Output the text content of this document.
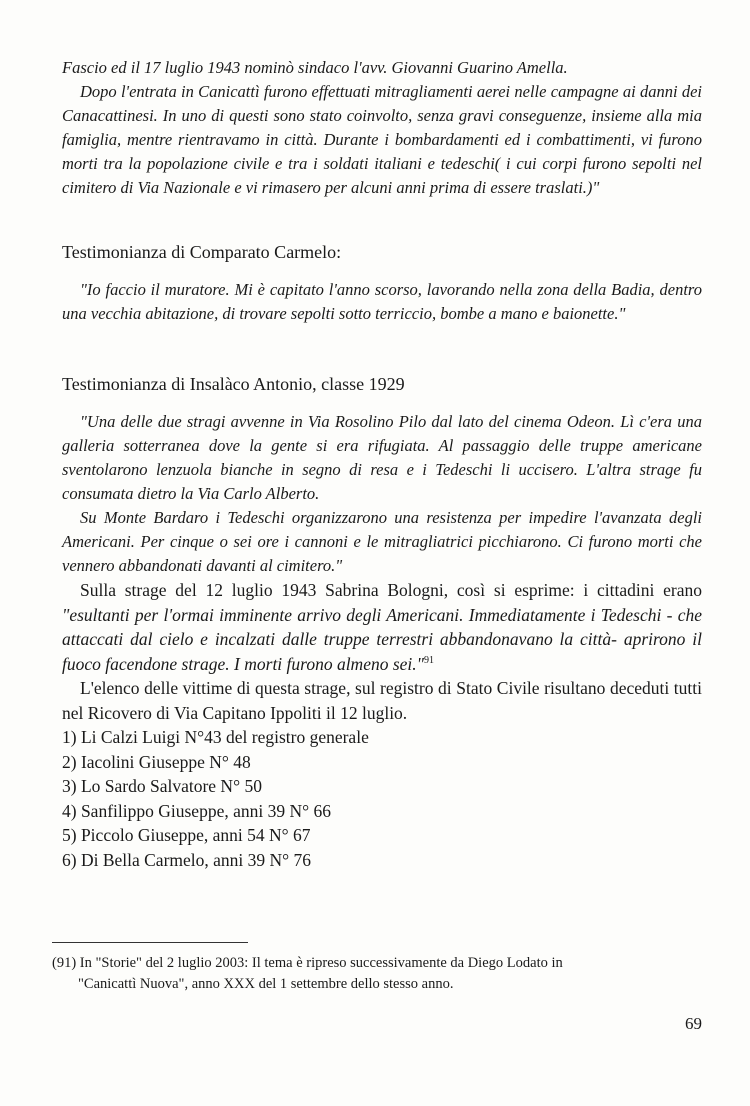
Fascio ed il 17 luglio 1943 nominò sindaco l'avv. Giovanni Guarino Amella.

Dopo l'entrata in Canicattì furono effettuati mitragliamenti aerei nelle campagne ai danni dei Canacattinesi. In uno di questi sono stato coinvolto, senza gravi conseguenze, insieme alla mia famiglia, mentre rientravamo in città. Durante i bombardamenti ed i combattimenti, vi furono morti tra la popolazione civile e tra i soldati italiani e tedeschi( i cui corpi furono sepolti nel cimitero di Via Nazionale e vi rimasero per alcuni anni prima di essere traslati.)"

Testimonianza di Comparato Carmelo:

"Io faccio il muratore. Mi è capitato l'anno scorso, lavorando nella zona della Badia, dentro una vecchia abitazione, di trovare sepolti sotto terriccio, bombe a mano e baionette."

Testimonianza di Insalàco Antonio, classe 1929

"Una delle due stragi avvenne in Via Rosolino Pilo dal lato del cinema Odeon. Lì c'era una galleria sotterranea dove la gente si era rifugiata. Al passaggio delle truppe americane sventolarono lenzuola bianche in segno di resa e i Tedeschi li uccisero. L'altra strage fu consumata dietro la Via Carlo Alberto.

Su Monte Bardaro i Tedeschi organizzarono una resistenza per impedire l'avanzata degli Americani. Per cinque o sei ore i cannoni e le mitragliatrici picchiarono. Ci furono morti che vennero abbandonati davanti al cimitero."

Sulla strage del 12 luglio 1943 Sabrina Bologni, così si esprime: i cittadini erano "esultanti per l'ormai imminente arrivo degli Americani. Immediatamente i Tedeschi - che attaccati dal cielo e incalzati dalle truppe terrestri abbandonavano la città- aprirono il fuoco facendone strage. I morti furono almeno sei."$^{91}$

L'elenco delle vittime di questa strage, sul registro di Stato Civile risultano deceduti tutti nel Ricovero di Via Capitano Ippoliti il 12 luglio.

1) Li Calzi Luigi N°43 del registro generale
2) Iacolini Giuseppe N° 48
3) Lo Sardo Salvatore N° 50
4) Sanfilippo Giuseppe, anni 39 N° 66
5) Piccolo Giuseppe, anni 54 N° 67
6) Di Bella Carmelo, anni 39 N° 76
(91) In "Storie" del 2 luglio 2003: Il tema è ripreso successivamente da Diego Lodato in
"Canicattì Nuova", anno XXX del 1 settembre dello stesso anno.
69
